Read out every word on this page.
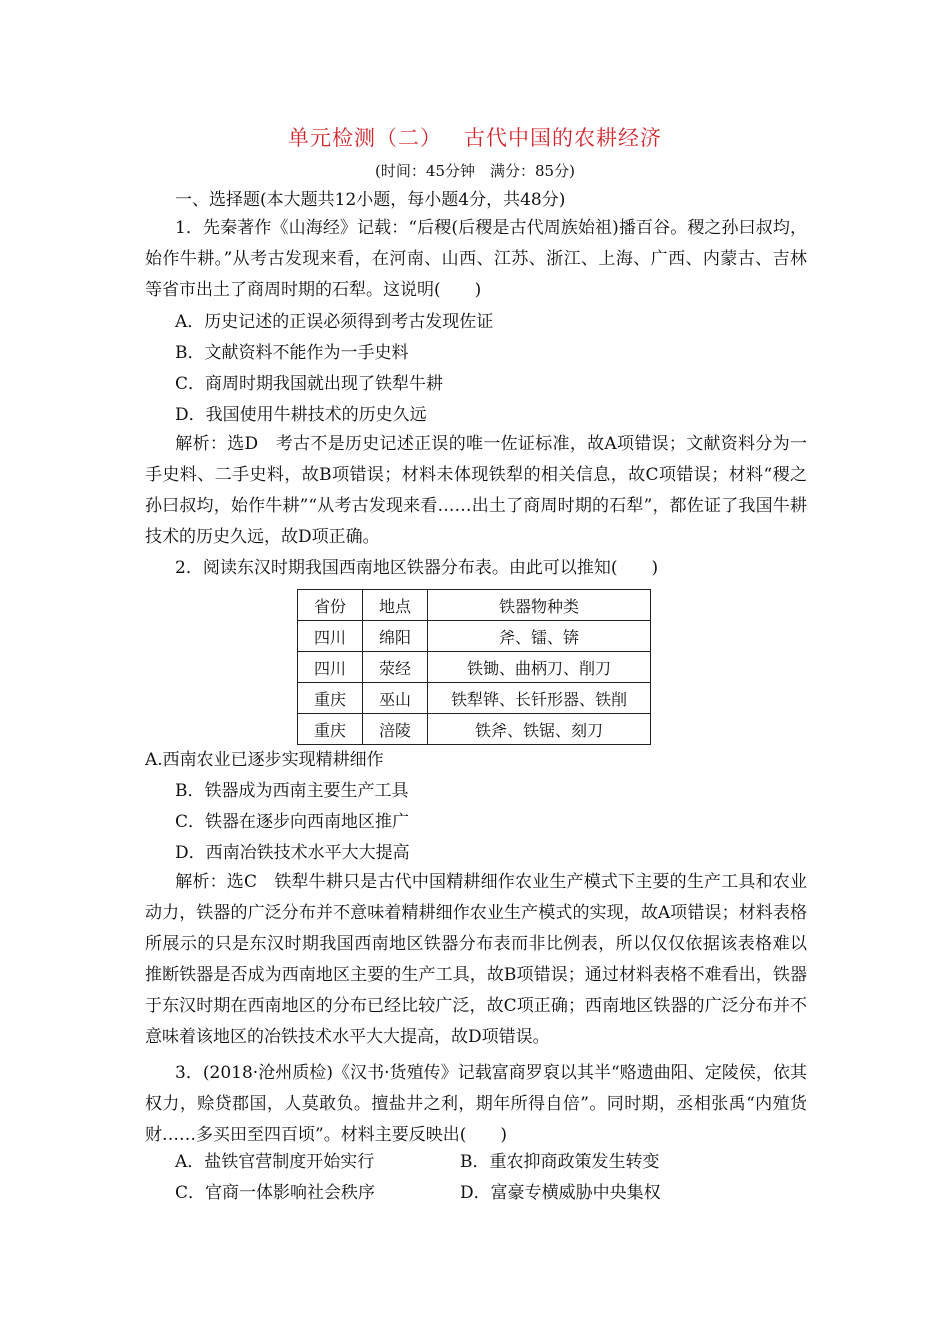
单元检测（二） 古代中国的农耕经济
(时间：45分钟　满分：85分)
一、选择题(本大题共12小题，每小题4分，共48分)
1．先秦著作《山海经》记载：“后稷(后稷是古代周族始祖)播百谷。稷之孙曰叔均，始作牛耕。”从考古发现来看，在河南、山西、江苏、浙江、上海、广西、内蒙古、吉林等省市出土了商周时期的石犁。这说明(　　)
A．历史记述的正误必须得到考古发现佐证
B．文献资料不能作为一手史料
C．商周时期我国就出现了铁犁牛耕
D．我国使用牛耕技术的历史久远
解析：选D　考古不是历史记述正误的唯一佐证标准，故A项错误；文献资料分为一手史料、二手史料，故B项错误；材料未体现铁犁的相关信息，故C项错误；材料“稷之孙曰叔均，始作牛耕”“从考古发现来看……出土了商周时期的石犁”，都佐证了我国牛耕技术的历史久远，故D项正确。
2．阅读东汉时期我国西南地区铁器分布表。由此可以推知(　　)
省份	地点	铁器物种类
四川	绵阳	斧、镭、锛
四川	荥经	铁锄、曲柄刀、削刀
重庆	巫山	铁犁铧、长钎形器、铁削
重庆	涪陵	铁斧、铁锯、刻刀
A.西南农业已逐步实现精耕细作
B．铁器成为西南主要生产工具
C．铁器在逐步向西南地区推广
D．西南冶铁技术水平大大提高
解析：选C　铁犁牛耕只是古代中国精耕细作农业生产模式下主要的生产工具和农业动力，铁器的广泛分布并不意味着精耕细作农业生产模式的实现，故A项错误；材料表格所展示的只是东汉时期我国西南地区铁器分布表而非比例表，所以仅仅依据该表格难以推断铁器是否成为西南地区主要的生产工具，故B项错误；通过材料表格不难看出，铁器于东汉时期在西南地区的分布已经比较广泛，故C项正确；西南地区铁器的广泛分布并不意味着该地区的冶铁技术水平大大提高，故D项错误。
3．(2018·沧州质检)《汉书·货殖传》记载富商罗裒以其半“赂遗曲阳、定陵侯，依其权力，赊贷郡国，人莫敢负。擅盐井之利，期年所得自倍”。同时期，丞相张禹“内殖货财……多买田至四百顷”。材料主要反映出(　　)
A．盐铁官营制度开始实行	B．重农抑商政策发生转变
C．官商一体影响社会秩序	D．富豪专横威胁中央集权
